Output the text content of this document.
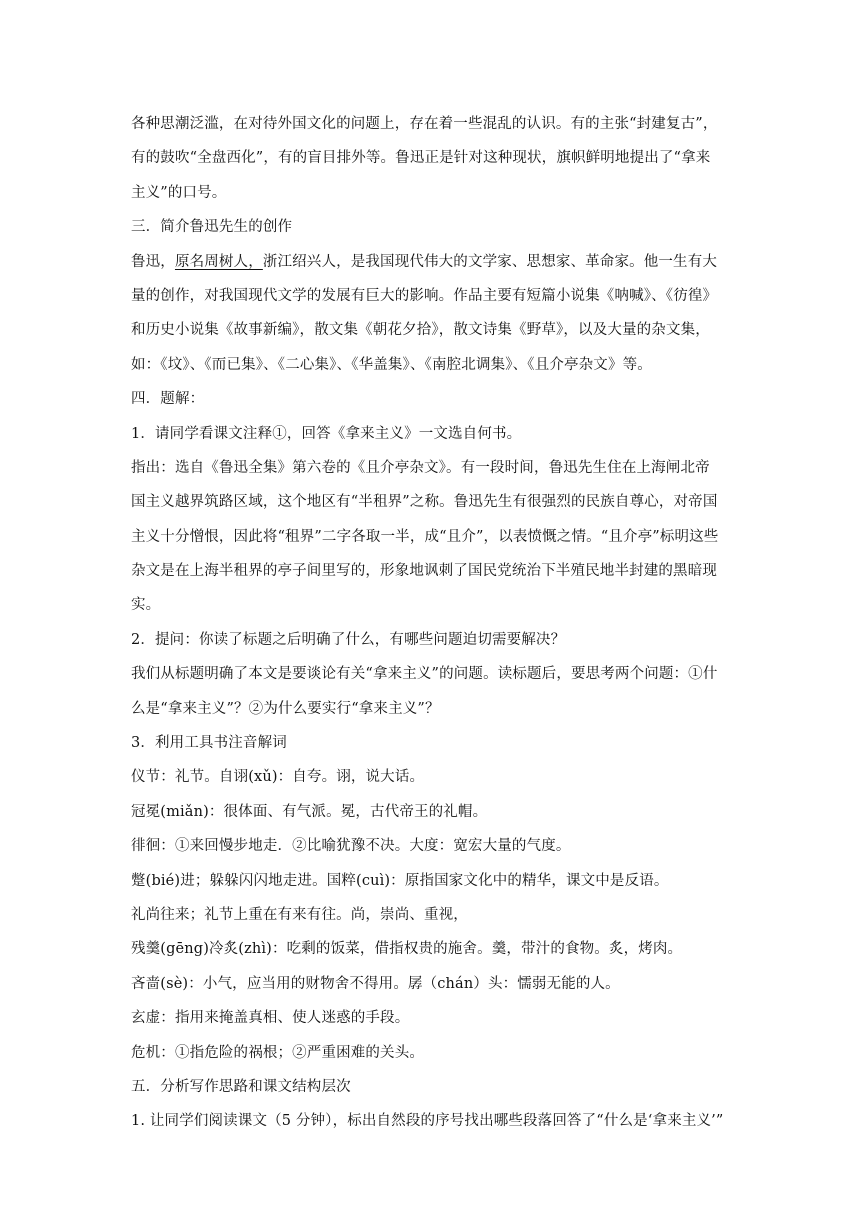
各种思潮泛滥，在对待外国文化的问题上，存在着一些混乱的认识。有的主张“封建复古”，
有的鼓吹“全盘西化”，有的盲目排外等。鲁迅正是针对这种现状，旗帜鲜明地提出了“拿来
主义”的口号。
三．简介鲁迅先生的创作
鲁迅，原名周树人，浙江绍兴人，是我国现代伟大的文学家、思想家、革命家。他一生有大
量的创作，对我国现代文学的发展有巨大的影响。作品主要有短篇小说集《呐喊》、《彷徨》
和历史小说集《故事新编》，散文集《朝花夕拾》，散文诗集《野草》，以及大量的杂文集，
如：《坟》、《而已集》、《二心集》、《华盖集》、《南腔北调集》、《且介亭杂文》等。
四．题解：
1．请同学看课文注释①，回答《拿来主义》一文选自何书。
指出：选自《鲁迅全集》第六卷的《且介亭杂文》。有一段时间，鲁迅先生住在上海闸北帝
国主义越界筑路区域，这个地区有“半租界”之称。鲁迅先生有很强烈的民族自尊心，对帝国
主义十分憎恨，因此将“租界”二字各取一半，成“且介”，以表愤慨之情。“且介亭”标明这些
杂文是在上海半租界的亭子间里写的，形象地讽刺了国民党统治下半殖民地半封建的黑暗现
实。
2．提问：你读了标题之后明确了什么，有哪些问题迫切需要解决？
我们从标题明确了本文是要谈论有关“拿来主义”的问题。读标题后，要思考两个问题：①什
么是“拿来主义”？②为什么要实行“拿来主义”？
3．利用工具书注音解词
仪节：礼节。自诩(xǔ)：自夸。诩，说大话。
冠冕(miǎn)：很体面、有气派。冕，古代帝王的礼帽。
徘徊：①来回慢步地走．②比喻犹豫不决。大度：宽宏大量的气度。
蹩(bié)进；躲躲闪闪地走进。国粹(cuì)：原指国家文化中的精华，课文中是反语。
礼尚往来；礼节上重在有来有往。尚，崇尚、重视，
残羹(gēng)冷炙(zhì)：吃剩的饭菜，借指权贵的施舍。羹，带汁的食物。炙，烤肉。
吝啬(sè)：小气，应当用的财物舍不得用。孱（chán）头：懦弱无能的人。
玄虚：指用来掩盖真相、使人迷惑的手段。
危机：①指危险的祸根；②严重困难的关头。
五．分析写作思路和课文结构层次
1. 让同学们阅读课文（5 分钟），标出自然段的序号找出哪些段落回答了“什么是‘拿来主义’”
